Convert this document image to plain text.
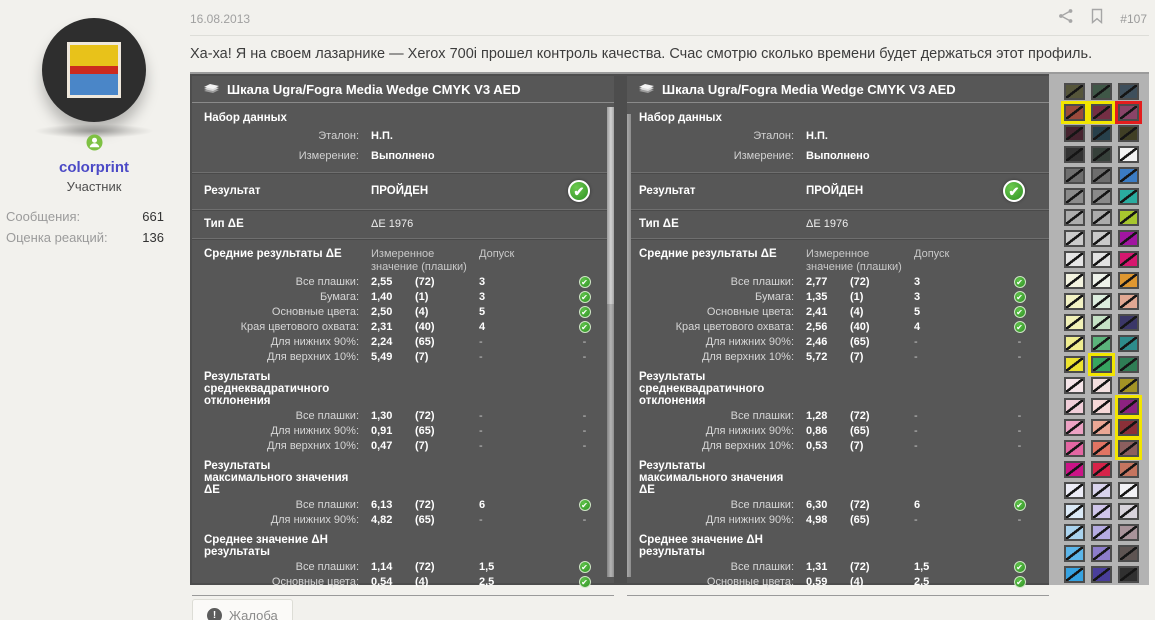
colorprint
Участник
Сообщения:	661
Оценка реакций:	136
16.08.2013	#107
Ха-ха! Я на своем лазарнике — Xerox 700i прошел контроль качества. Счас смотрю сколько времени будет держаться этот профиль.
Шкала Ugra/Fogra Media Wedge CMYK V3 AED
Набор данных
Эталон: Н.П.
Измерение: Выполнено
Результат	ПРОЙДЕН	✔
Тип ΔЕ	ΔЕ 1976
Средние результаты ΔЕ	Измеренное значение (плашки)
Допуск
Все плашки: 2,55	(72)	3	✔
Бумага: 1,40	(1)	3	✔
Основные цвета: 2,50	(4)	5	✔
Края цветового охвата: 2,31	(40)	4	✔
Для нижних 90%: 2,24	(65)	-	-
Для верхних 10%: 5,49	(7)	-	-
Результаты среднеквадратичного отклонения
Все плашки: 1,30	(72)	-	-
Для нижних 90%: 0,91	(65)	-	-
Для верхних 10%: 0,47	(7)	-	-
Результаты максимального значения ΔЕ
Все плашки: 6,13	(72)	6	✔
Для нижних 90%: 4,82	(65)	-	-
Среднее значение ΔН результаты
Все плашки: 1,14	(72)	1,5	✔
Основные цвета: 0,54	(4)	2,5	✔
Шкала Ugra/Fogra Media Wedge CMYK V3 AED
Набор данных
Эталон: Н.П.
Измерение: Выполнено
Результат	ПРОЙДЕН	✔
Тип ΔЕ	ΔЕ 1976
Средние результаты ΔЕ	Измеренное значение (плашки)
Допуск
Все плашки: 2,77	(72)	3	✔
Бумага: 1,35	(1)	3	✔
Основные цвета: 2,41	(4)	5	✔
Края цветового охвата: 2,56	(40)	4	✔
Для нижних 90%: 2,46	(65)	-	-
Для верхних 10%: 5,72	(7)	-	-
Результаты среднеквадратичного отклонения
Все плашки: 1,28	(72)	-	-
Для нижних 90%: 0,86	(65)	-	-
Для верхних 10%: 0,53	(7)	-	-
Результаты максимального значения ΔЕ
Все плашки: 6,30	(72)	6	✔
Для нижних 90%: 4,98	(65)	-	-
Среднее значение ΔН результаты
Все плашки: 1,31	(72)	1,5	✔
Основные цвета: 0,59	(4)	2,5	✔
! Жалоба
